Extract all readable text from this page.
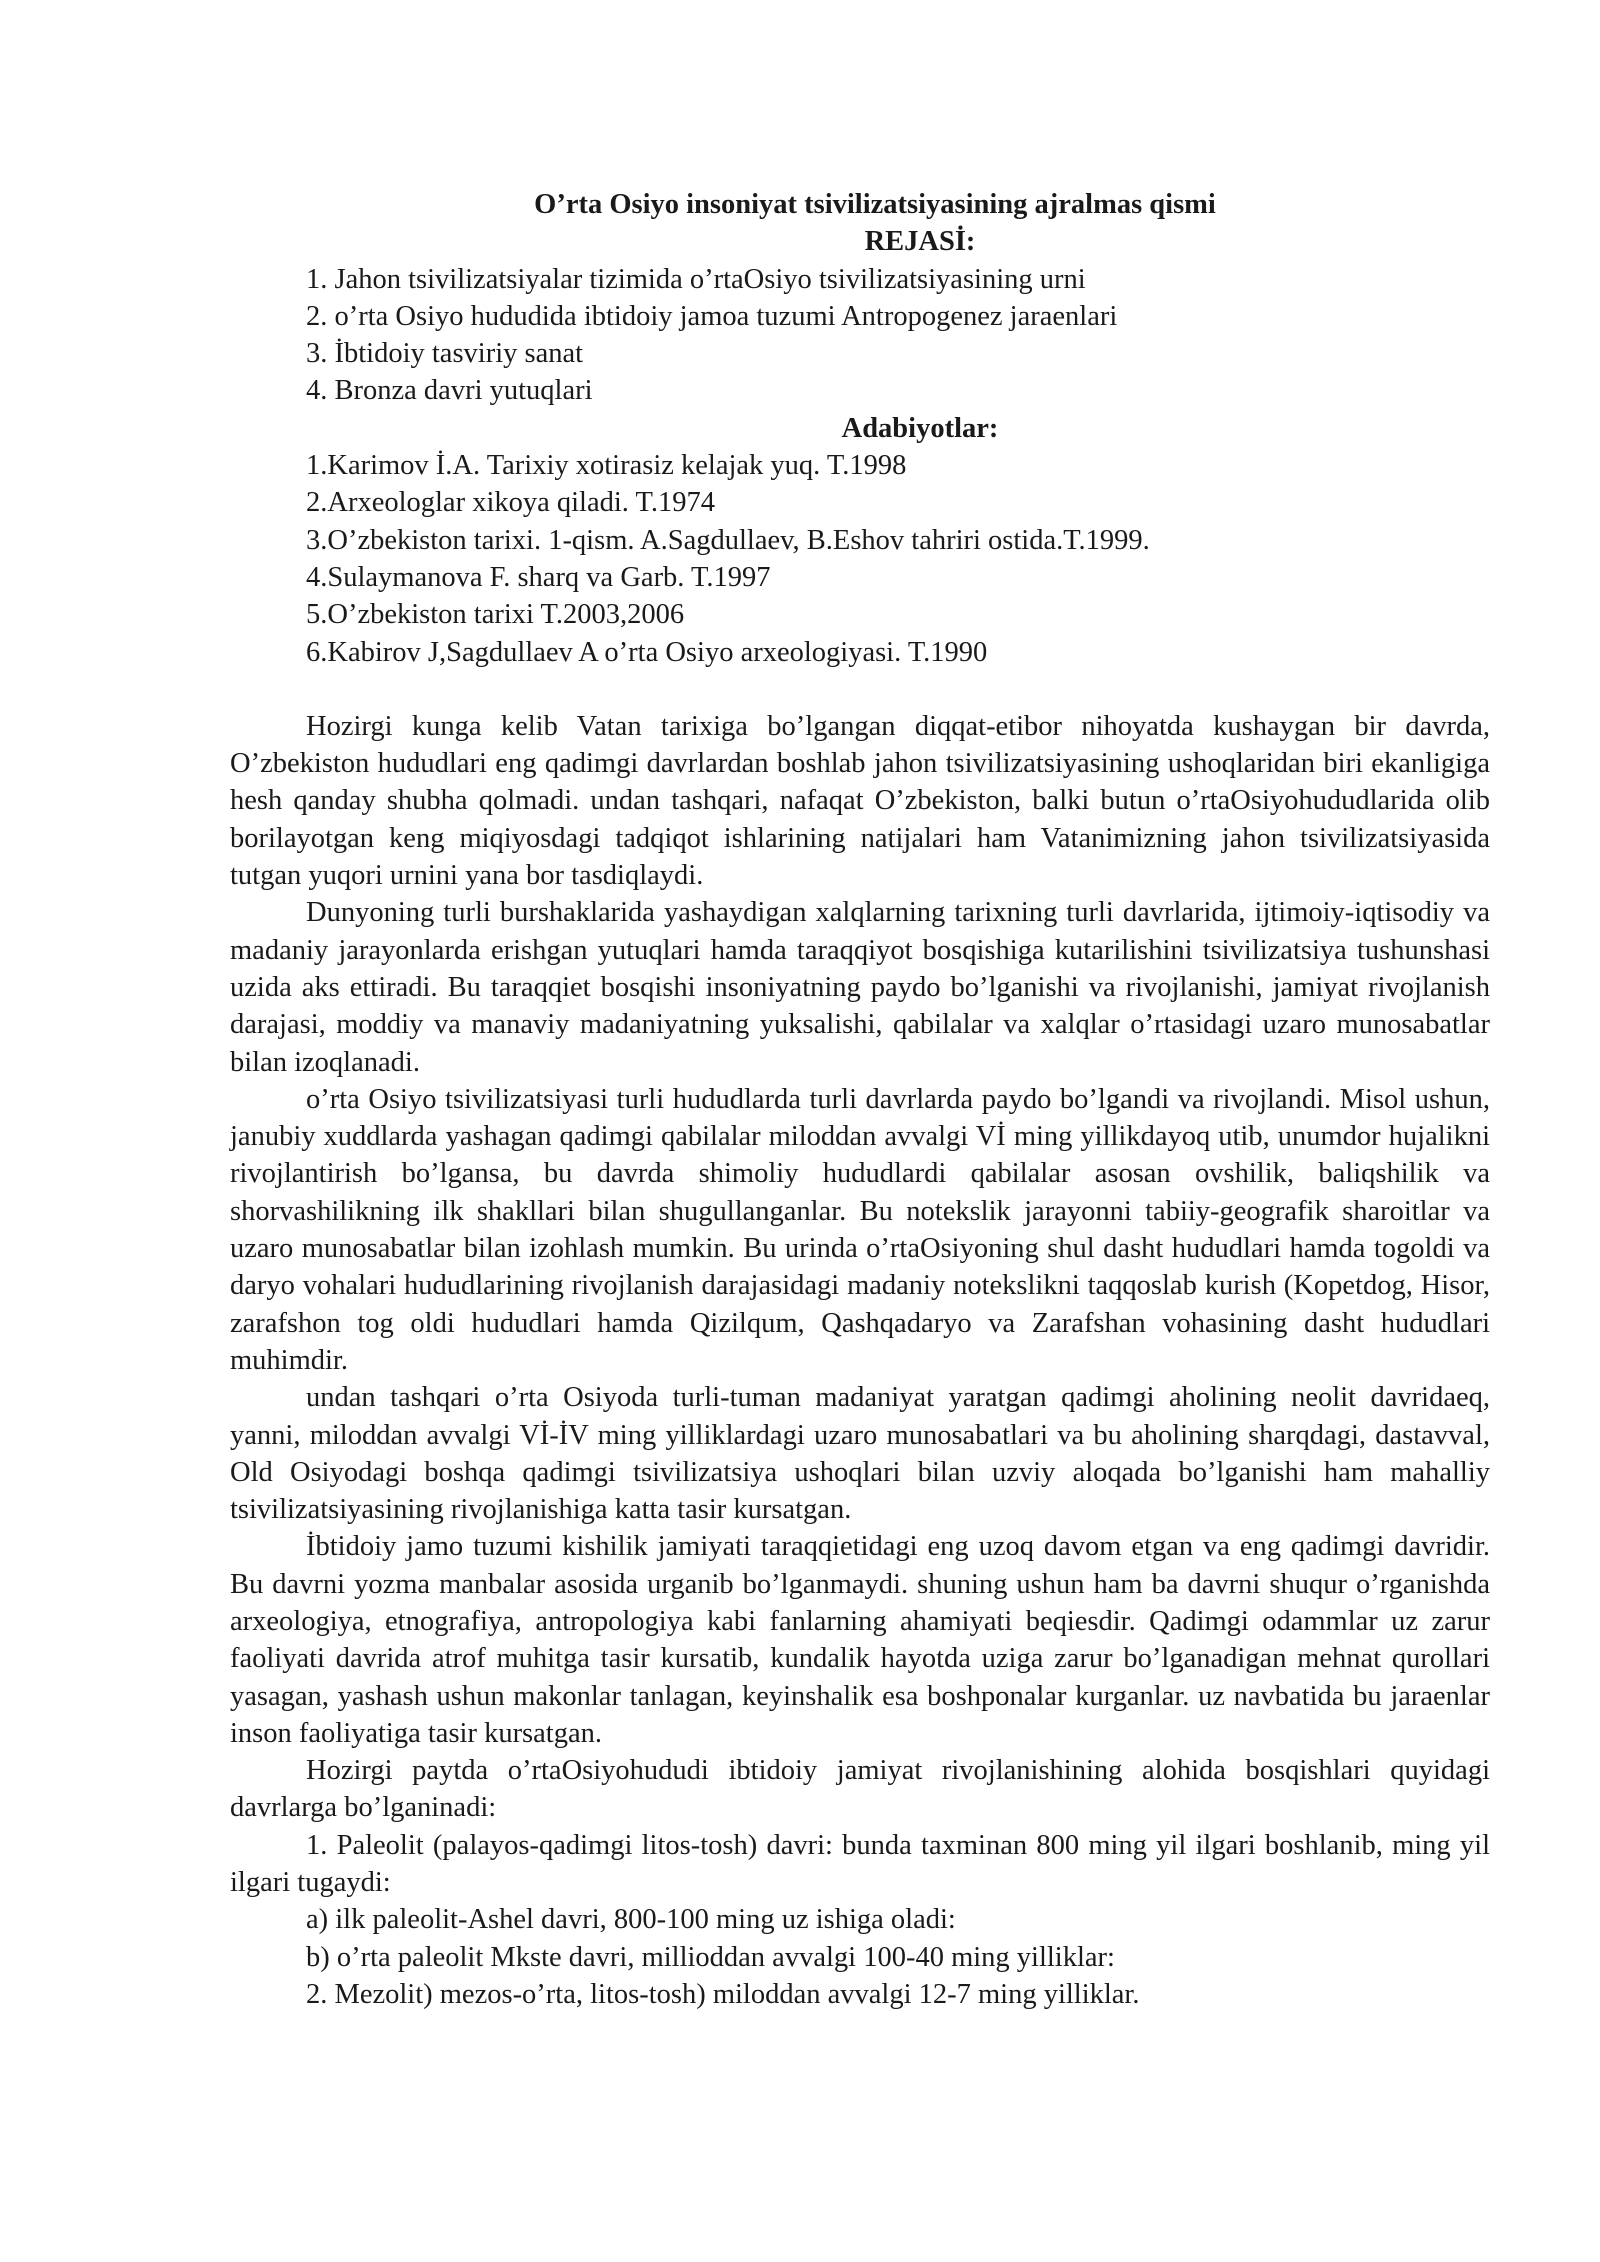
O’rta Osiyo insoniyat tsivilizatsiyasining ajralmas qismi
REJASİ:
1. Jahon tsivilizatsiyalar tizimida o’rtaOsiyo tsivilizatsiyasining urni
2. o’rta Osiyo hududida ibtidoiy jamoa tuzumi Antropogenez jaraenlari
3. İbtidoiy tasviriy sanat
4. Bronza davri yutuqlari
Adabiyotlar:
1.Karimov İ.A. Tarixiy xotirasiz kelajak yuq. T.1998
2.Arxeologlar xikoya qiladi. T.1974
3.O’zbekiston tarixi. 1-qism. A.Sagdullaev, B.Eshov tahriri ostida.T.1999.
4.Sulaymanova F. sharq va Garb. T.1997
5.O’zbekiston tarixi T.2003,2006
6.Kabirov J,Sagdullaev A o’rta Osiyo arxeologiyasi. T.1990

Hozirgi kunga kelib Vatan tarixiga bo’lgangan diqqat-etibor nihoyatda kushaygan bir davrda, O’zbekiston hududlari eng qadimgi davrlardan boshlab jahon tsivilizatsiyasining ushoqlaridan biri ekanligiga hesh qanday shubha qolmadi. undan tashqari, nafaqat O’zbekiston, balki butun o’rtaOsiyohududlarida olib borilayotgan keng miqiyosdagi tadqiqot ishlarining natijalari ham Vatanimizning jahon tsivilizatsiyasida tutgan yuqori urnini yana bor tasdiqlaydi.

Dunyoning turli burshaklarida yashaydigan xalqlarning tarixning turli davrlarida, ijtimoiy-iqtisodiy va madaniy jarayonlarda erishgan yutuqlari hamda taraqqiyot bosqishiga kutarilishini tsivilizatsiya tushunshasi uzida aks ettiradi. Bu taraqqiet bosqishi insoniyatning paydo bo’lganishi va rivojlanishi, jamiyat rivojlanish darajasi, moddiy va manaviy madaniyatning yuksalishi, qabilalar va xalqlar o’rtasidagi uzaro munosabatlar bilan izoqlanadi.

o’rta Osiyo tsivilizatsiyasi turli hududlarda turli davrlarda paydo bo’lgandi va rivojlandi. Misol ushun, janubiy xuddlarda yashagan qadimgi qabilalar miloddan avvalgi Vİ ming yillikdayoq utib, unumdor hujalikni rivojlantirish bo’lgansa, bu davrda shimoliy hududlardi qabilalar asosan ovshilik, baliqshilik va shorvashilikning ilk shakllari bilan shugullanganlar. Bu notekslik jarayonni tabiiy-geografik sharoitlar va uzaro munosabatlar bilan izohlash mumkin. Bu urinda o’rtaOsiyoning shul dasht hududlari hamda togoldi va daryo vohalari hududlarining rivojlanish darajasidagi madaniy notekslikni taqqoslab kurish (Kopetdog, Hisor, zarafshon tog oldi hududlari hamda Qizilqum, Qashqadaryo va Zarafshan vohasining dasht hududlari muhimdir.

undan tashqari o’rta Osiyoda turli-tuman madaniyat yaratgan qadimgi aholining neolit davridaeq, yanni, miloddan avvalgi Vİ-İV ming yilliklardagi uzaro munosabatlari va bu aholining sharqdagi, dastavval, Old Osiyodagi boshqa qadimgi tsivilizatsiya ushoqlari bilan uzviy aloqada bo’lganishi ham mahalliy tsivilizatsiyasining rivojlanishiga katta tasir kursatgan.

İbtidoiy jamo tuzumi kishilik jamiyati taraqqietidagi eng uzoq davom etgan va eng qadimgi davridir. Bu davrni yozma manbalar asosida urganib bo’lganmaydi. shuning ushun ham ba davrni shuqur o’rganishda arxeologiya, etnografiya, antropologiya kabi fanlarning ahamiyati beqiesdir. Qadimgi odammlar uz zarur faoliyati davrida atrof muhitga tasir kursatib, kundalik hayotda uziga zarur bo’lganadigan mehnat qurollari yasagan, yashash ushun makonlar tanlagan, keyinshalik esa boshponalar kurganlar. uz navbatida bu jaraenlar inson faoliyatiga tasir kursatgan.

Hozirgi paytda o’rtaOsiyohududi ibtidoiy jamiyat rivojlanishining alohida bosqishlari quyidagi davrlarga bo’lganinadi:

1. Paleolit (palayos-qadimgi litos-tosh) davri: bunda taxminan 800 ming yil ilgari boshlanib, ming yil ilgari tugaydi:

a) ilk paleolit-Ashel davri, 800-100 ming uz ishiga oladi:

b) o’rta paleolit Mkste davri, millioddan avvalgi 100-40 ming yilliklar:

2. Mezolit) mezos-o’rta, litos-tosh) miloddan avvalgi 12-7 ming yilliklar.
